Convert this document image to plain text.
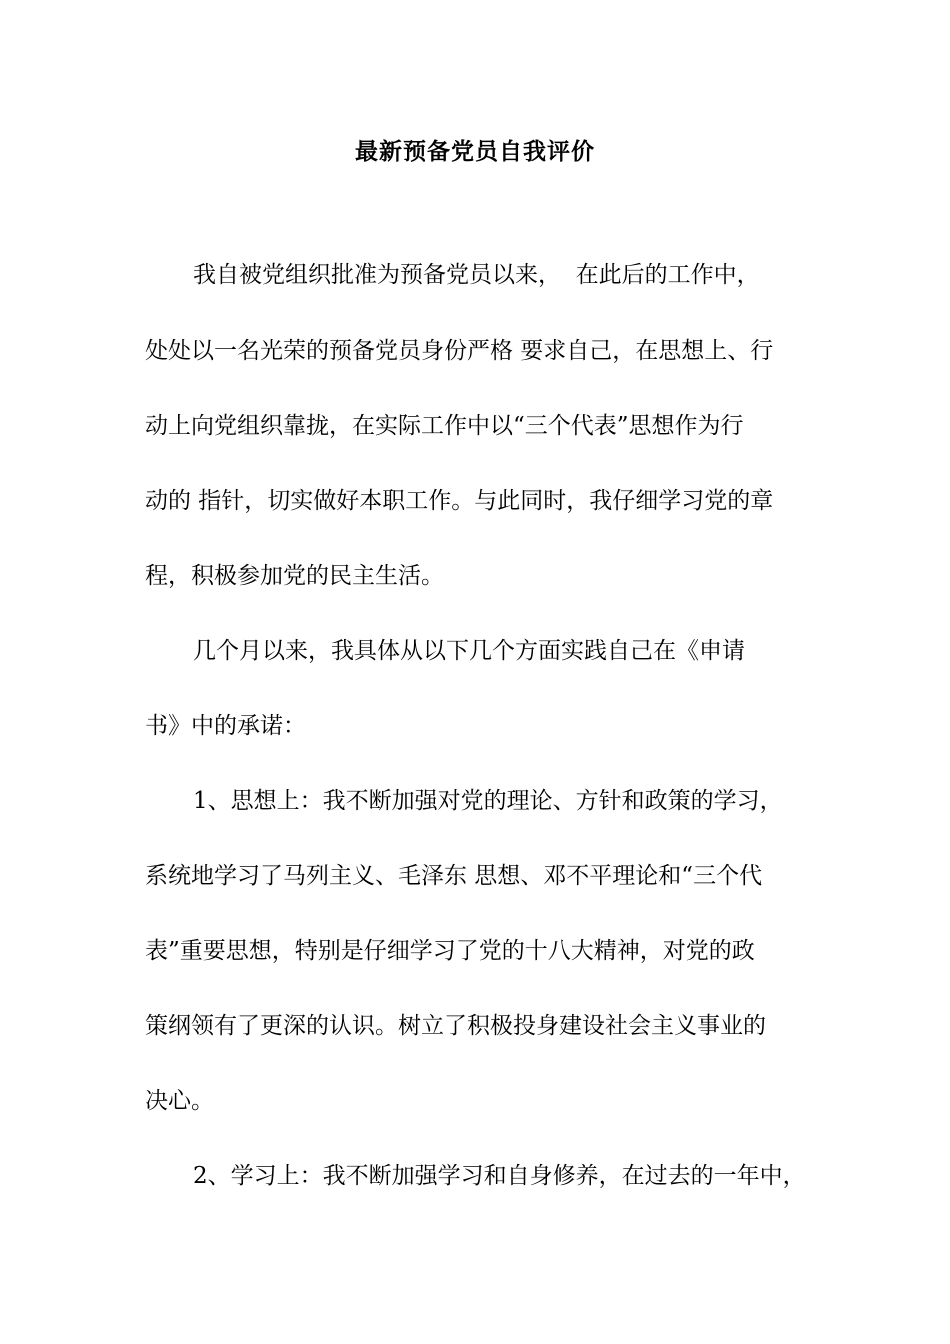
最新预备党员自我评价
我自被党组织批准为预备党员以来，  在此后的工作中，
处处以一名光荣的预备党员身份严格 要求自己，在思想上、行
动上向党组织靠拢，在实际工作中以“三个代表”思想作为行
动的 指针，切实做好本职工作。与此同时，我仔细学习党的章
程，积极参加党的民主生活。
几个月以来，我具体从以下几个方面实践自己在《申请
书》中的承诺：
1、思想上：我不断加强对党的理论、方针和政策的学习，
系统地学习了马列主义、毛泽东 思想、邓不平理论和“三个代
表”重要思想，特别是仔细学习了党的十八大精神，对党的政
策纲领有了更深的认识。树立了积极投身建设社会主义事业的
决心。
2、学习上：我不断加强学习和自身修养，在过去的一年中，
